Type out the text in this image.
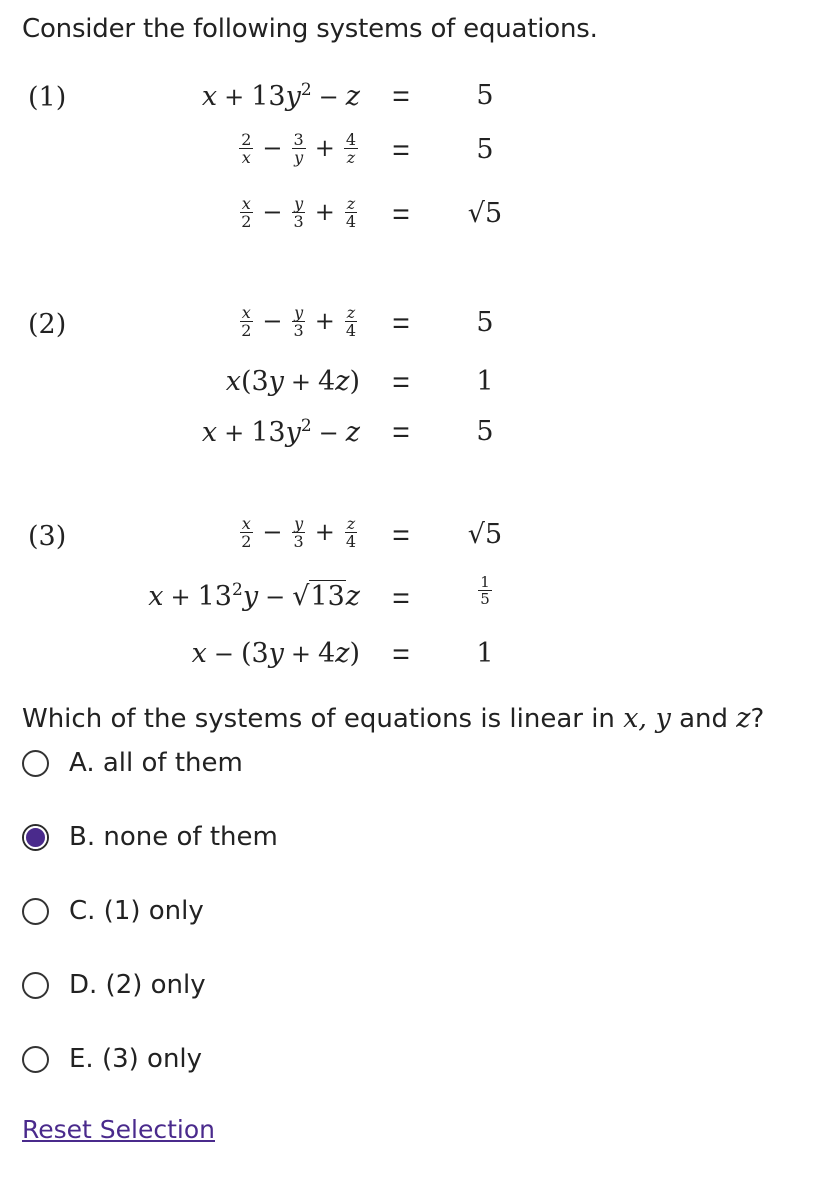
Consider the following systems of equations.
(1)	$x + 13y^2 - z$ =	5
$\frac{2}{x} - \frac{3}{y} + \frac{4}{z}$ =	5
$\frac{x}{2} - \frac{y}{3} + \frac{z}{4}$ =	√5
(2)	$\frac{x}{2} - \frac{y}{3} + \frac{z}{4}$ =	5
x(3y + 4z) =	1
$x + 13y^2 - z$ =	5
(3)	$\frac{x}{2} - \frac{y}{3} + \frac{z}{4}$ =	√5
$x + 13^2y - √13z$ =	$\frac{1}{5}$
x − (3y + 4z) =	1
Which of the systems of equations is linear in x, y and z?
A. all of them
B. none of them
C. (1) only
D. (2) only
E. (3) only
Reset Selection
